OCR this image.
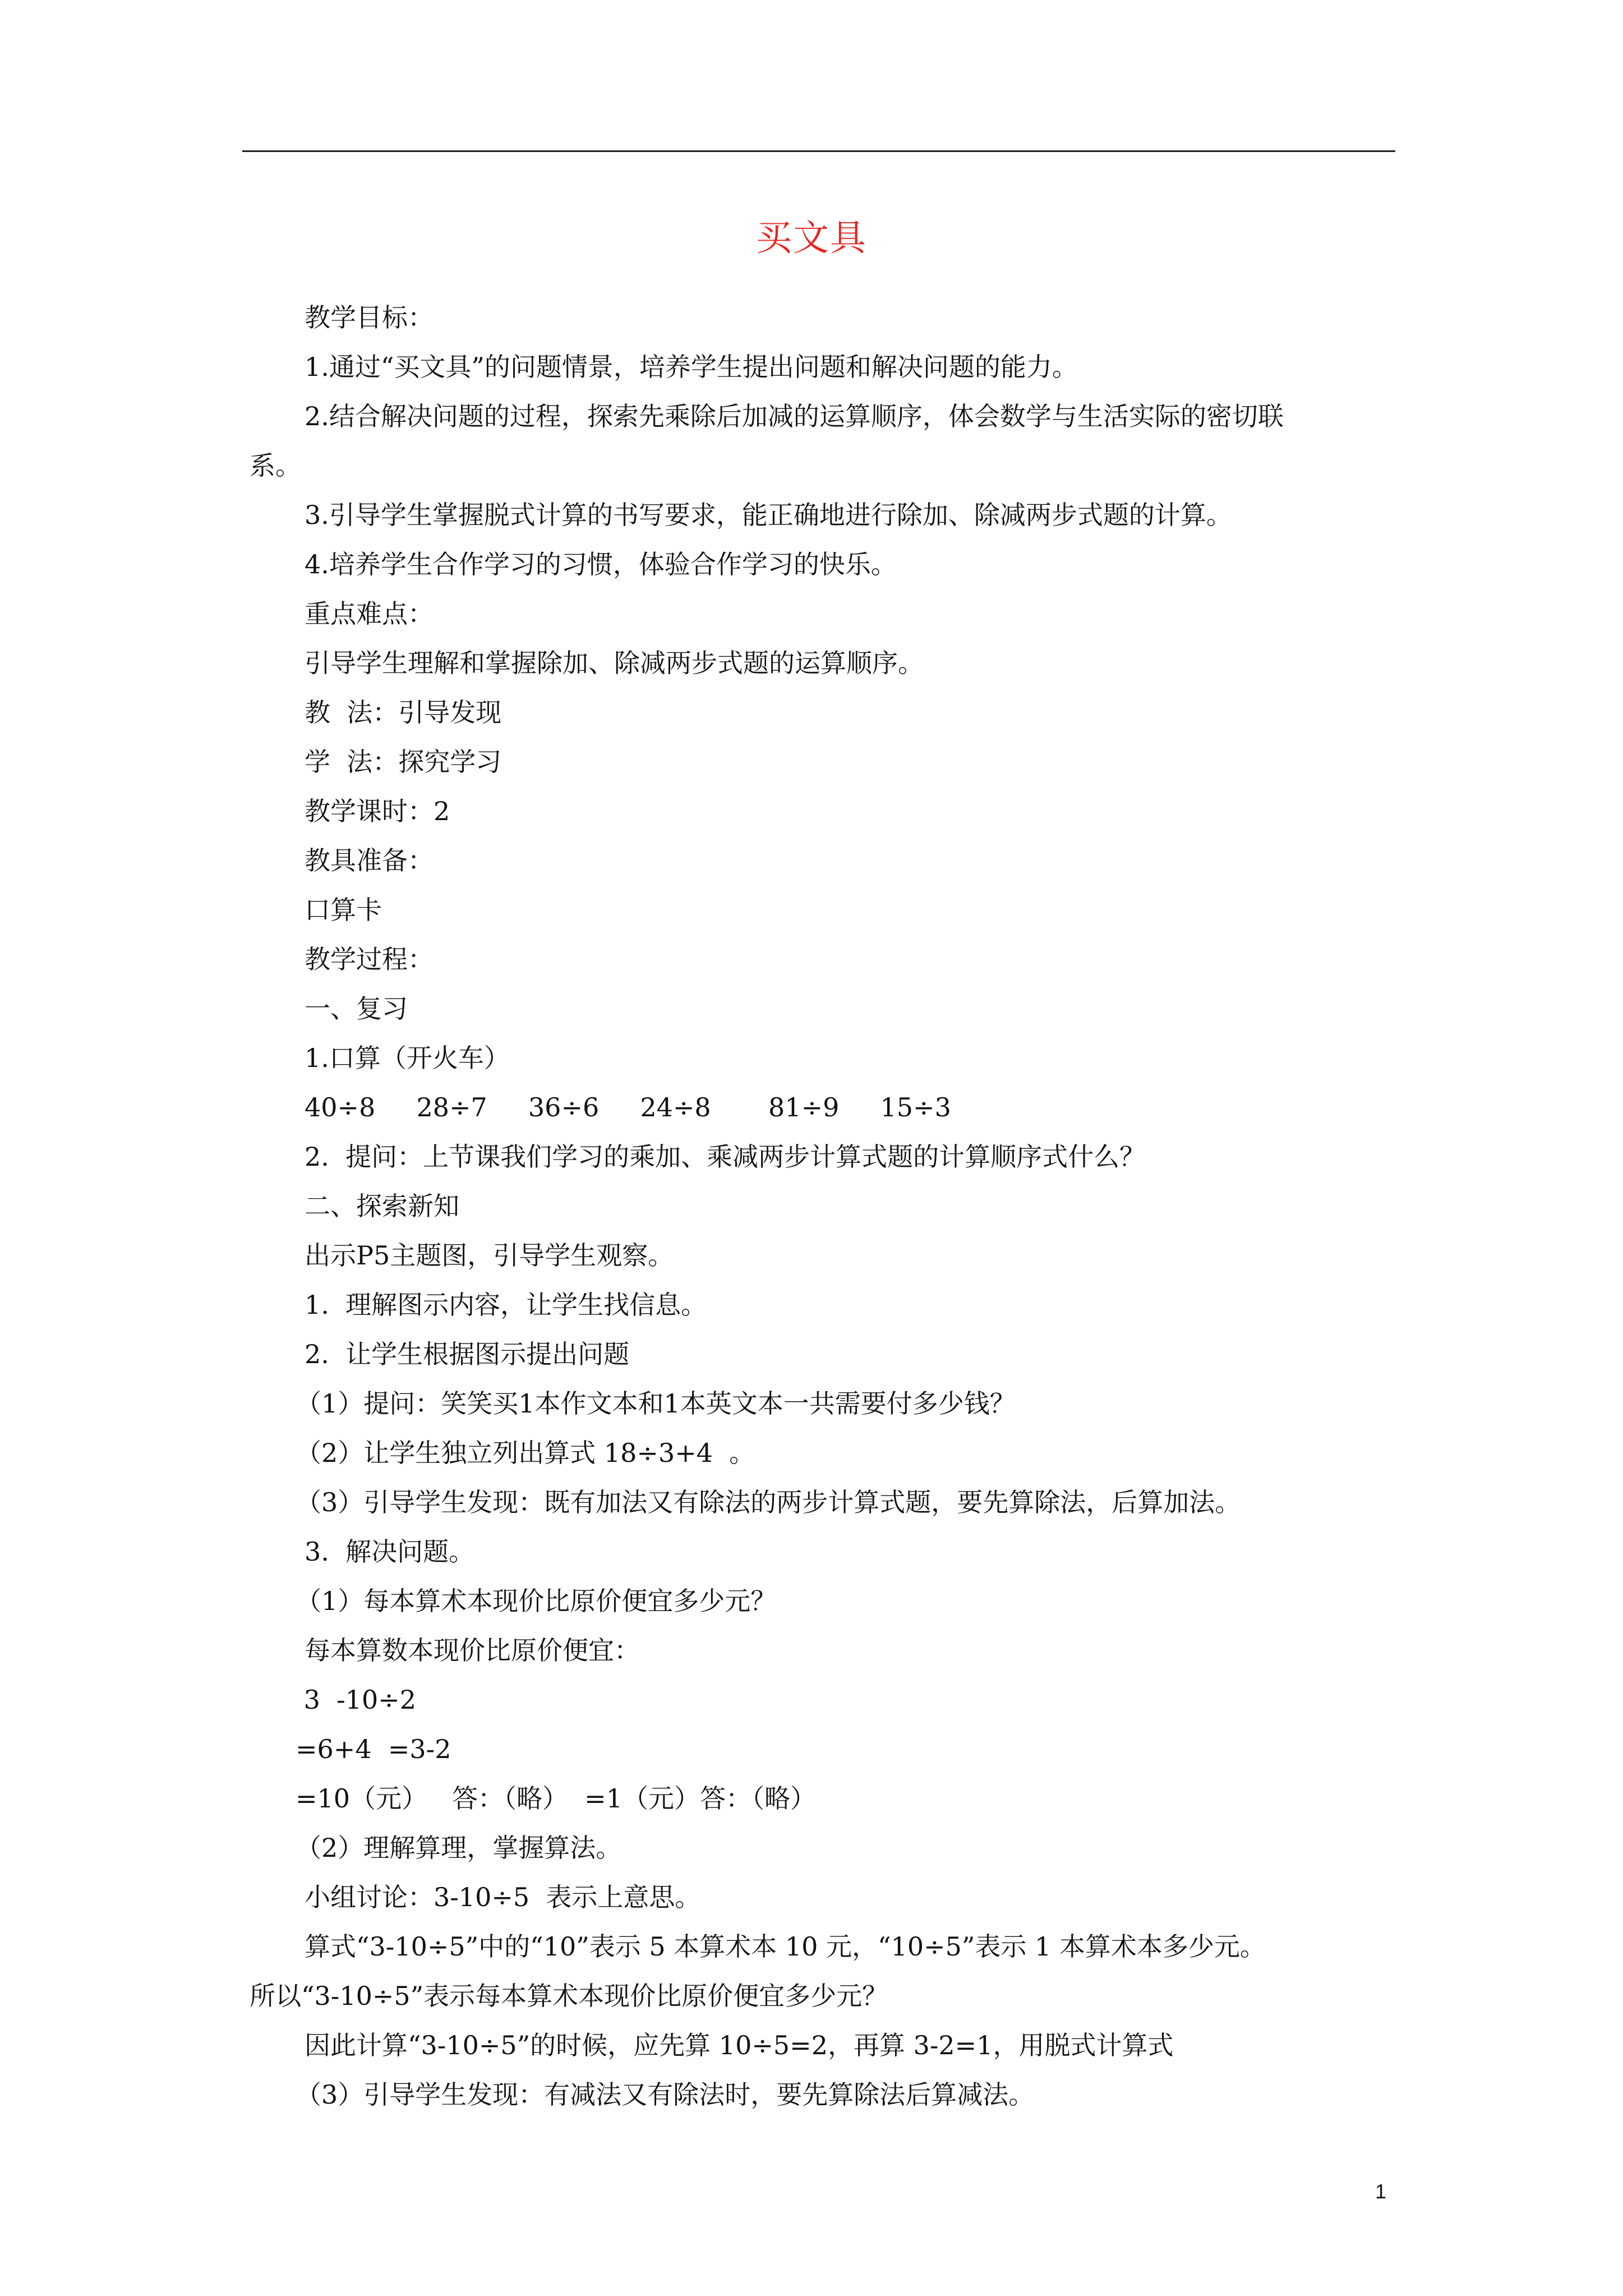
买文具
教学目标：
1.通过“买文具”的问题情景，培养学生提出问题和解决问题的能力。
2.结合解决问题的过程，探索先乘除后加减的运算顺序，体会数学与生活实际的密切联
系。
3.引导学生掌握脱式计算的书写要求，能正确地进行除加、除减两步式题的计算。
4.培养学生合作学习的习惯，体验合作学习的快乐。
重点难点：
引导学生理解和掌握除加、除减两步式题的运算顺序。
教  法：引导发现
学  法：探究学习
教学课时：2
教具准备：
口算卡
教学过程：
一、复习
1.口算（开火车）
40÷8     28÷7     36÷6     24÷8       81÷9     15÷3
2.  提问：上节课我们学习的乘加、乘减两步计算式题的计算顺序式什么？
二、探索新知
出示P5主题图，引导学生观察。
1.  理解图示内容，让学生找信息。
2.  让学生根据图示提出问题
（1）提问：笑笑买1本作文本和1本英文本一共需要付多少钱？
（2）让学生独立列出算式 18÷3+4  。
（3）引导学生发现：既有加法又有除法的两步计算式题，要先算除法，后算加法。
3.  解决问题。
（1）每本算术本现价比原价便宜多少元？
每本算数本现价比原价便宜：
3  -10÷2
=6+4  =3-2
=10（元）   答：（略）  =1（元）答：（略）
（2）理解算理，掌握算法。
小组讨论：3-10÷5  表示上意思。
算式“3-10÷5”中的“10”表示 5 本算术本 10 元，“10÷5”表示 1 本算术本多少元。
所以“3-10÷5”表示每本算术本现价比原价便宜多少元？
因此计算“3-10÷5”的时候，应先算 10÷5=2，再算 3-2=1，用脱式计算式
（3）引导学生发现：有减法又有除法时，要先算除法后算减法。
1
